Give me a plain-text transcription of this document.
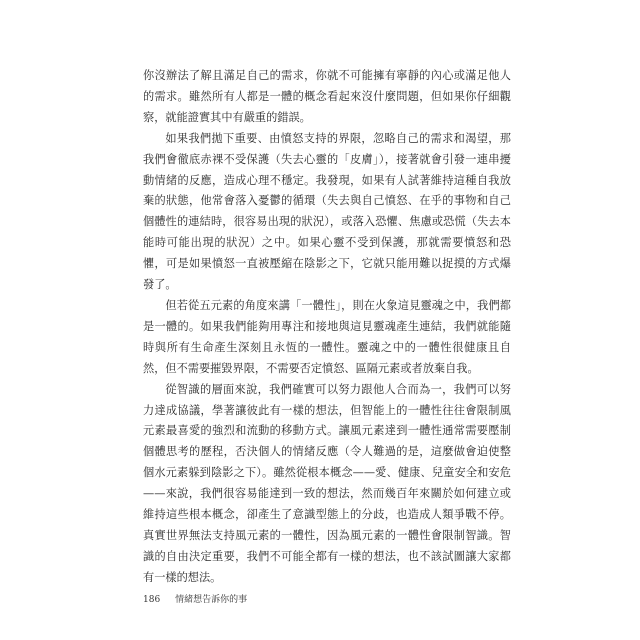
你沒辦法了解且滿足自己的需求，你就不可能擁有寧靜的內心或滿足他人的需求。雖然所有人都是一體的概念看起來沒什麼問題，但如果你仔細觀察，就能證實其中有嚴重的錯誤。

如果我們拋下重要、由憤怒支持的界限，忽略自己的需求和渴望，那我們會徹底赤裸不受保護（失去心靈的「皮膚」），接著就會引發一連串擾動情緒的反應，造成心理不穩定。我發現，如果有人試著維持這種自我放棄的狀態，他常會落入憂鬱的循環（失去與自己憤怒、在乎的事物和自己個體性的連結時，很容易出現的狀況），或落入恐懼、焦慮或恐慌（失去本能時可能出現的狀況）之中。如果心靈不受到保護，那就需要憤怒和恐懼，可是如果憤怒一直被壓縮在陰影之下，它就只能用難以捉摸的方式爆發了。

但若從五元素的角度來講「一體性」，則在火象這見靈魂之中，我們都是一體的。如果我們能夠用專注和接地與這見靈魂產生連結，我們就能隨時與所有生命產生深刻且永恆的一體性。靈魂之中的一體性很健康且自然，但不需要摧毀界限，不需要否定憤怒、區隔元素或者放棄自我。

從智識的層面來說，我們確實可以努力跟他人合而為一，我們可以努力達成協議，學著讓彼此有一樣的想法，但智能上的一體性往往會限制風元素最喜愛的強烈和流動的移動方式。讓風元素達到一體性通常需要壓制個體思考的歷程，否決個人的情緒反應（令人難過的是，這麼做會迫使整個水元素躲到陰影之下）。雖然從根本概念——愛、健康、兒童安全和安危——來說，我們很容易能達到一致的想法，然而幾百年來關於如何建立或維持這些根本概念，卻產生了意識型態上的分歧，也造成人類爭戰不停。真實世界無法支持風元素的一體性，因為風元素的一體性會限制智識。智識的自由決定重要，我們不可能全都有一樣的想法，也不該試圖讓大家都有一樣的想法。

186 情緒想告訴你的事
